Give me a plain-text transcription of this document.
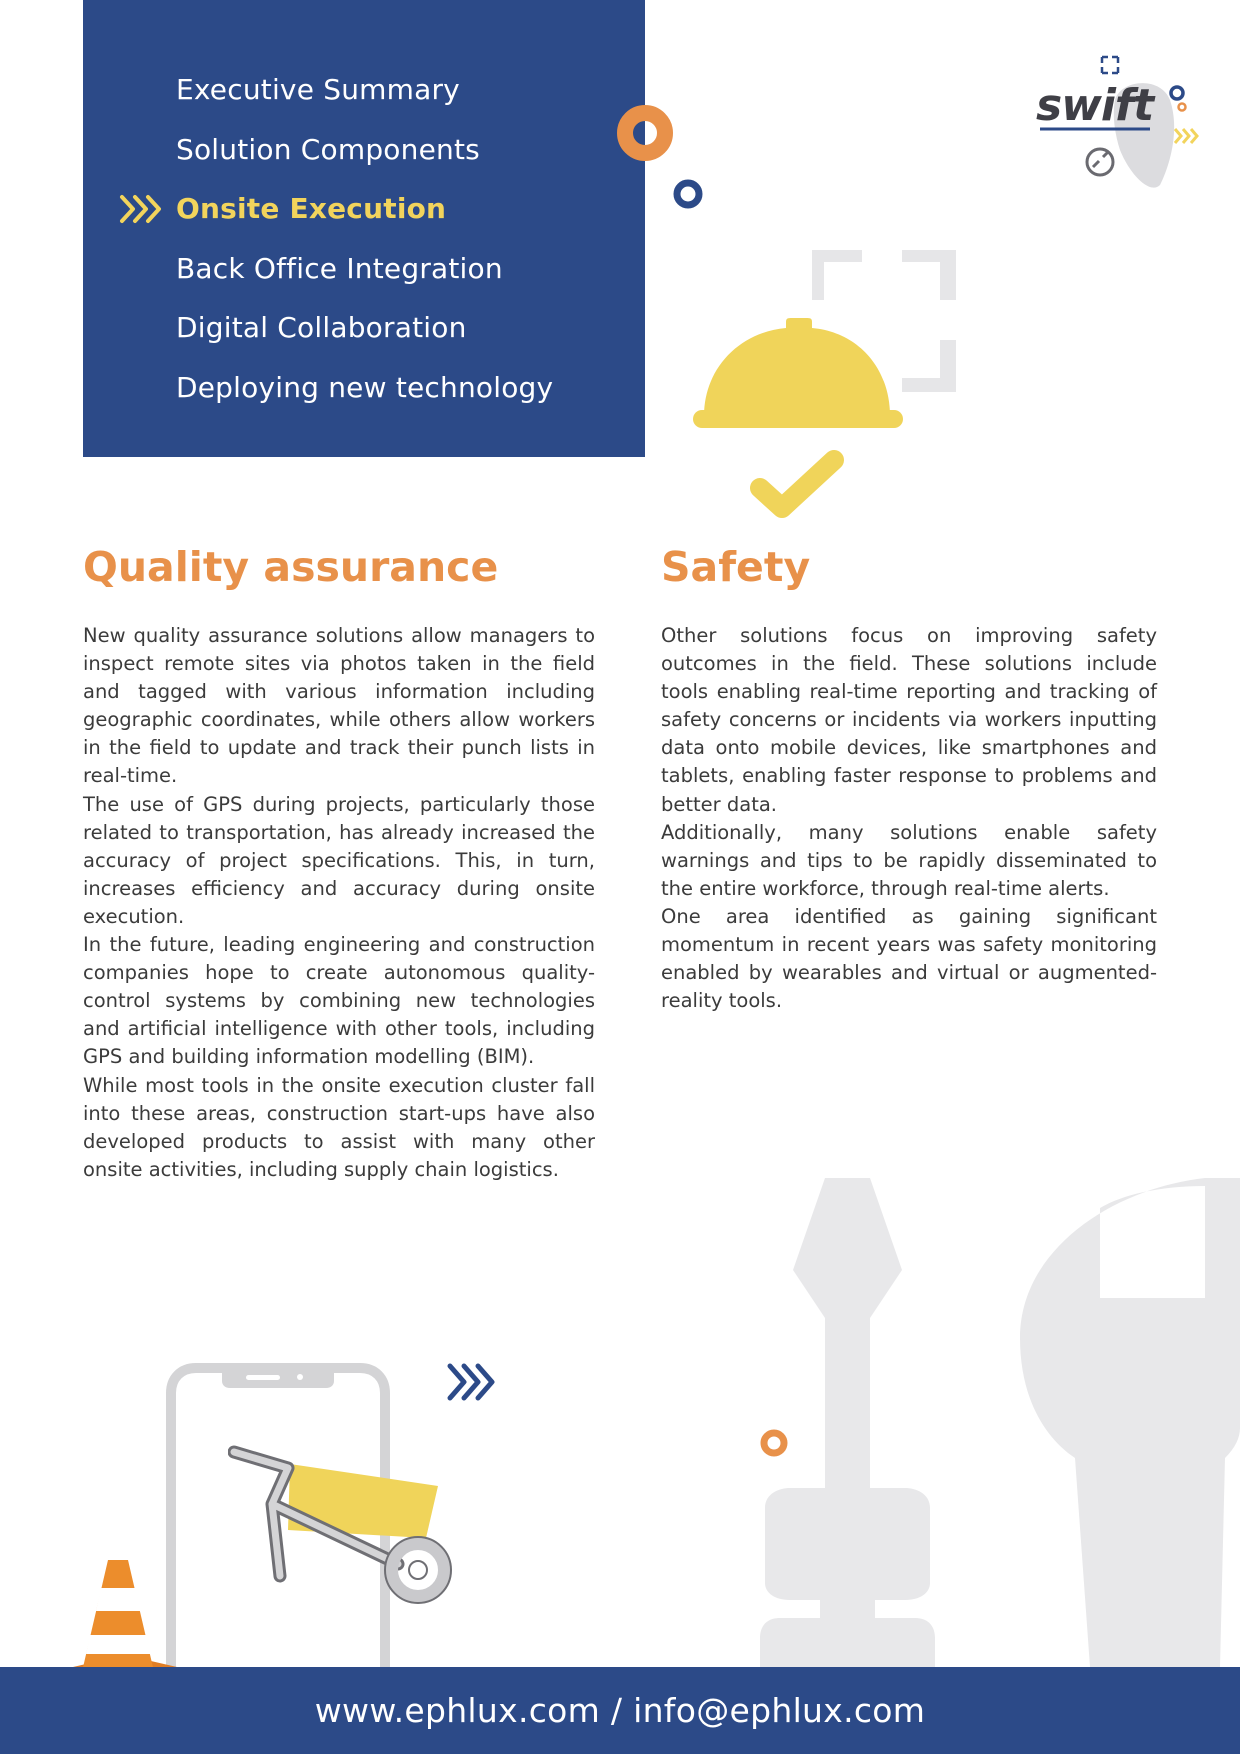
Executive Summary
Solution Components
Onsite Execution
Back Office Integration
Digital Collaboration
Deploying new technology
swift
Quality assurance

New quality assurance solutions allow managers to inspect remote sites via photos taken in the field and tagged with various information including geographic coordinates, while others allow workers in the field to update and track their punch lists in real-time.

The use of GPS during projects, particularly those related to transportation, has already increased the accuracy of project specifications. This, in turn, increases efficiency and accuracy during onsite execution.

In the future, leading engineering and construction companies hope to create autonomous quality-control systems by combining new technologies and artificial intelligence with other tools, including GPS and building information modelling (BIM).

While most tools in the onsite execution cluster fall into these areas, construction start-ups have also developed products to assist with many other onsite activities, including supply chain logistics.

Safety

Other solutions focus on improving safety outcomes in the field. These solutions include tools enabling real-time reporting and tracking of safety concerns or incidents via workers inputting data onto mobile devices, like smartphones and tablets, enabling faster response to problems and better data.

Additionally, many solutions enable safety warnings and tips to be rapidly disseminated to the entire workforce, through real-time alerts.

One area identified as gaining significant momentum in recent years was safety monitoring enabled by wearables and virtual or augmented-reality tools.

www.ephlux.com / info@ephlux.com
